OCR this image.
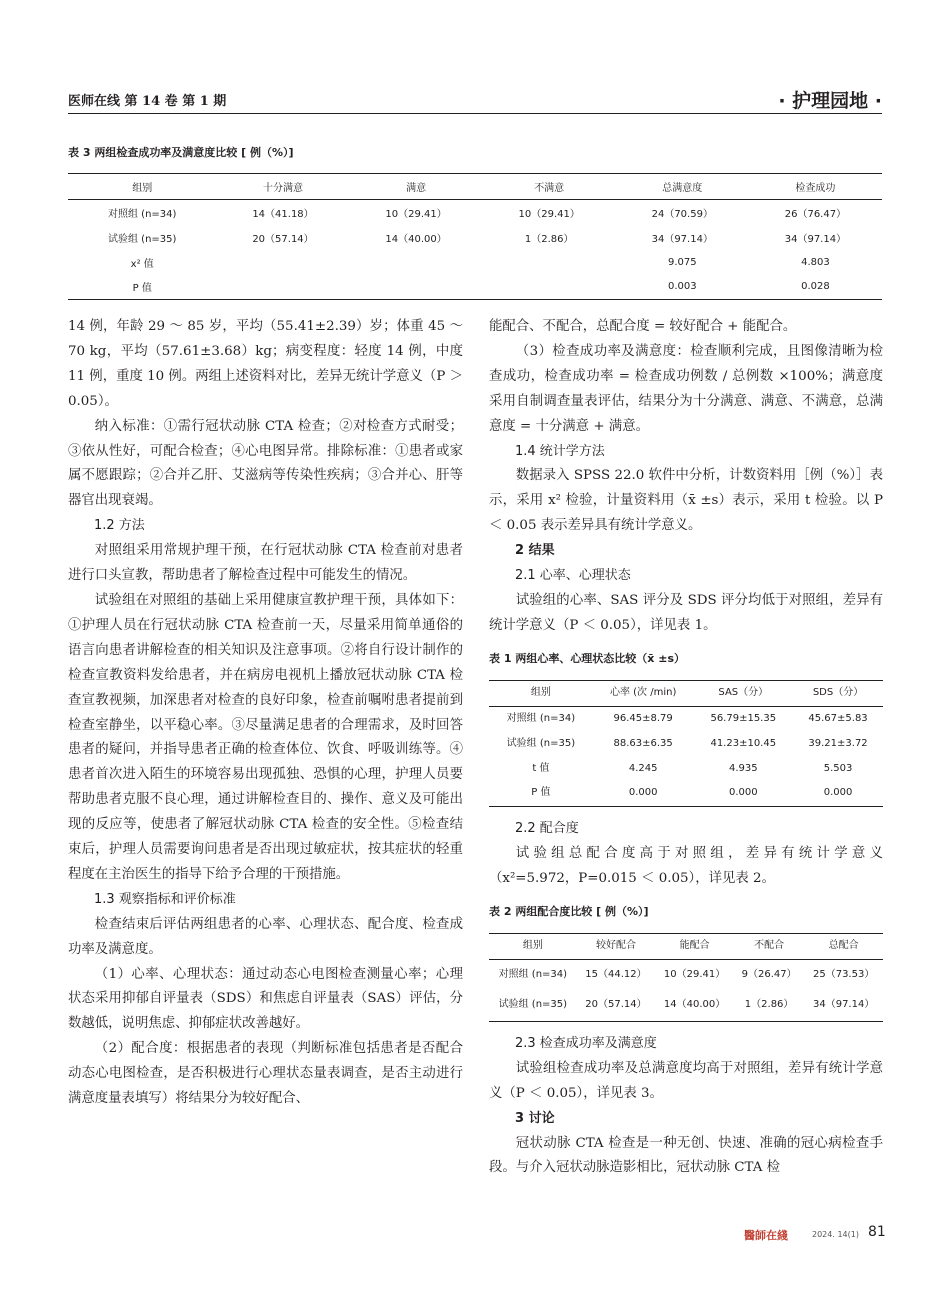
医师在线 第 14 卷 第 1 期	· 护理园地 ·
表 3 两组检查成功率及满意度比较 [ 例（%）]
组别	十分满意	满意	不满意	总满意度	检查成功
对照组 (n=34)	14（41.18）	10（29.41）	10（29.41）	24（70.59）	26（76.47）
试验组 (n=35)	20（57.14）	14（40.00）	1（2.86）	34（97.14）	34（97.14）
x² 值				9.075	4.803
P 值				0.003	0.028

14 例，年龄 29 ～ 85 岁，平均（55.41±2.39）岁；体重 45 ～ 70 kg，平均（57.61±3.68）kg；病变程度：轻度 14 例，中度 11 例，重度 10 例。两组上述资料对比，差异无统计学意义（P ＞ 0.05）。

纳入标准：①需行冠状动脉 CTA 检查；②对检查方式耐受；③依从性好，可配合检查；④心电图异常。排除标准：①患者或家属不愿跟踪；②合并乙肝、艾滋病等传染性疾病；③合并心、肝等器官出现衰竭。

1.2 方法

对照组采用常规护理干预，在行冠状动脉 CTA 检查前对患者进行口头宣教，帮助患者了解检查过程中可能发生的情况。

试验组在对照组的基础上采用健康宣教护理干预，具体如下：①护理人员在行冠状动脉 CTA 检查前一天，尽量采用简单通俗的语言向患者讲解检查的相关知识及注意事项。②将自行设计制作的检查宣教资料发给患者，并在病房电视机上播放冠状动脉 CTA 检查宣教视频，加深患者对检查的良好印象，检查前嘱咐患者提前到检查室静坐，以平稳心率。③尽量满足患者的合理需求，及时回答患者的疑问，并指导患者正确的检查体位、饮食、呼吸训练等。④患者首次进入陌生的环境容易出现孤独、恐惧的心理，护理人员要帮助患者克服不良心理，通过讲解检查目的、操作、意义及可能出现的反应等，使患者了解冠状动脉 CTA 检查的安全性。⑤检查结束后，护理人员需要询问患者是否出现过敏症状，按其症状的轻重程度在主治医生的指导下给予合理的干预措施。

1.3 观察指标和评价标准

检查结束后评估两组患者的心率、心理状态、配合度、检查成功率及满意度。

（1）心率、心理状态：通过动态心电图检查测量心率；心理状态采用抑郁自评量表（SDS）和焦虑自评量表（SAS）评估，分数越低，说明焦虑、抑郁症状改善越好。

（2）配合度：根据患者的表现（判断标准包括患者是否配合动态心电图检查，是否积极进行心理状态量表调查，是否主动进行满意度量表填写）将结果分为较好配合、

能配合、不配合，总配合度 = 较好配合 + 能配合。

（3）检查成功率及满意度：检查顺利完成，且图像清晰为检查成功，检查成功率 = 检查成功例数 / 总例数 ×100%；满意度采用自制调查量表评估，结果分为十分满意、满意、不满意，总满意度 = 十分满意 + 满意。

1.4 统计学方法

数据录入 SPSS 22.0 软件中分析，计数资料用［例（%）］表示，采用 x² 检验，计量资料用（x̄ ±s）表示，采用 t 检验。以 P ＜ 0.05 表示差异具有统计学意义。

2 结果

2.1 心率、心理状态

试验组的心率、SAS 评分及 SDS 评分均低于对照组，差异有统计学意义（P ＜ 0.05），详见表 1。

表 1 两组心率、心理状态比较（x̄ ±s）
组别	心率 (次 /min)	SAS（分）	SDS（分）
对照组 (n=34)	96.45±8.79	56.79±15.35	45.67±5.83
试验组 (n=35)	88.63±6.35	41.23±10.45	39.21±3.72
t 值	4.245	4.935	5.503
P 值	0.000	0.000	0.000

2.2 配合度

试验组总配合度高于对照组，差异有统计学意义（x²=5.972，P=0.015 ＜ 0.05），详见表 2。

表 2 两组配合度比较 [ 例（%）]
组别	较好配合	能配合	不配合	总配合
对照组 (n=34)	15（44.12）	10（29.41）	9（26.47）	25（73.53）
试验组 (n=35)	20（57.14）	14（40.00）	1（2.86）	34（97.14）

2.3 检查成功率及满意度

试验组检查成功率及总满意度均高于对照组，差异有统计学意义（P ＜ 0.05），详见表 3。

3 讨论

冠状动脉 CTA 检查是一种无创、快速、准确的冠心病检查手段。与介入冠状动脉造影相比，冠状动脉 CTA 检

醫師在綫	2024. 14(1) 81
